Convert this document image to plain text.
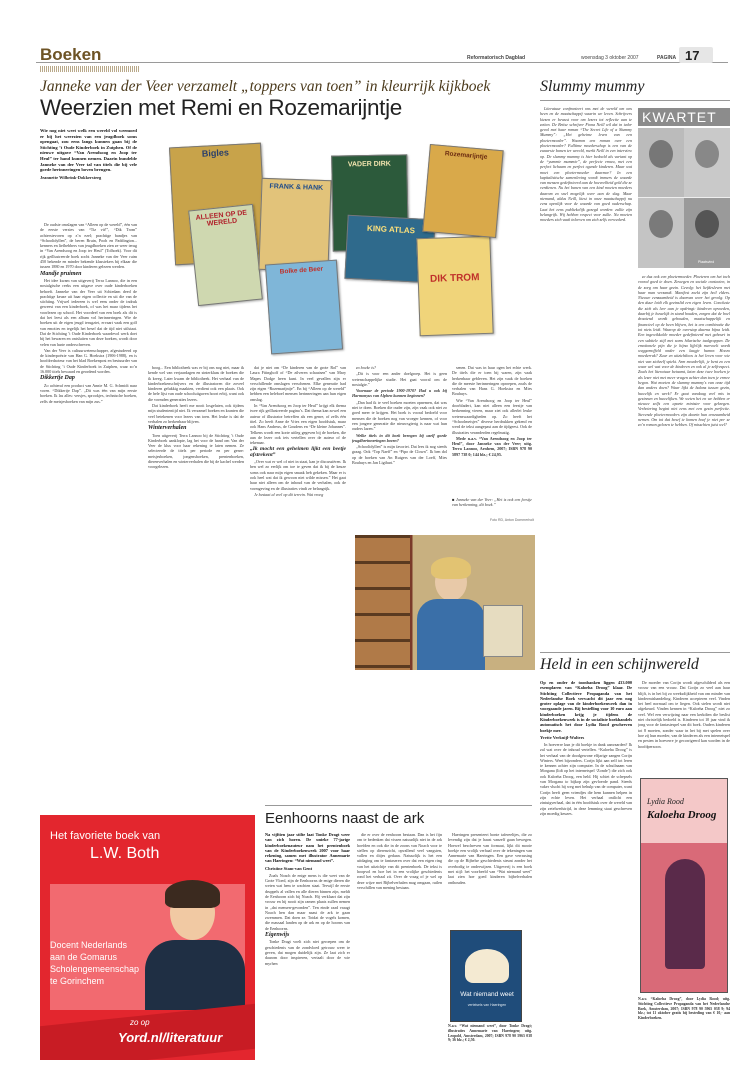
Boeken	Reformatorisch Dagblad	woensdag 3 oktober 2007	PAGINA 17
Janneke van der Veer verzamelt „toppers van toen” in kleurrijk kijkboek
Weerzien met Remi en Rozemarijntje
Wie nog niet weet welk een wereld vol weemoed er bij het weerzien van een jeugdboek soms opengaat, zou eens langs kunnen gaan bij de Stichting ’t Oude Kinderboek in Zutphen. Of de nieuwe uitgave “Van Arendsoog en Joop ter Heul” ter hand kunnen nemen. Daarin bundelde Janneke van der Veer tal van titels die bij vele goede herinneringen boven brengen.
Jeannette Wilbrink-Dokkersteeg
Bigles
ALLEEN OP DE WERELD
FRANK & HANK
VADER DIRK
KING ATLAS
Bolke de Beer
DIK TROM
Rozemarijntje

De oudste omslagen van “Alleen op de wereld”, één van de eerste versies van “Tiz vit!”, “Dik Trom” achterstevoren op z’n ezel; prachtige bandjes van “Schoolidyllen”, de beren Bruin, Pooh en Paddington... kenners en liefhebbers van jeugdboeken zien ze weer terug in “Van Arendsoog en Joop ter Heul” (Tolhoek). Voor dit rijk geïllustreerde boek zocht Janneke van der Veer ruim 450 bekende en minder bekende klassiekers bij elkaar die tussen 1880 en 1970 door kinderen gelezen werden.

Mandje pruimen

Het idee kwam van uitgeverij Terra Lannoo, die in een nostalgische reeks een uitgave over oude kinderboeken behoeft. Janneke van der Veer uit Schiedam deed de prachtige keuze uit haar eigen collectie en uit die van de stichting. Vrijwel iedereen is wel eens onder de indruk geweest van een kinderboek, of was het maar tijdens het voorlezen op school. Het voordeel van een boek als dit is dat het leest als een album vol herinneringen. Wie de boeken uit de eigen jeugd terugziet, ervaart vaak een golf van emoties en tegelijk het besef dat de tijd niet stilstaat. Dat de Stichting ’t Oude Kinderboek waardevol werk doet bij het bewaren en ontsluiten van deze boeken, wordt door velen van harte onderschreven.

Van der Veer is cultuurwetenschapper, afgestudeerd op de kinderpoëzie van Han G. Hoekstra (1906-1988), en is hoofdredacteur van het blad Boekenpost en bestuurder van de Stichting ’t Oude Kinderboek in Zutphen, waar zo’n 16.000 titels bewaard en geordend worden.

Dikkertje Dap

Zo achteraf een product van Annie M. G. Schmidt naar voren. “Dikkertje Dap”. „Dit was één van mijn eerste boeken. Ik las alles: versjes, sprookjes, technische boeken, zelfs de meisjesboeken van mijn zus.”

boog... Een bibliotheek was er bij ons nog niet, maar ik kende wel van verjaardagen en sinterklaas de boeken die ik kreeg. Later kwam de bibliotheek. Het verhaal van de kinderboekenschrijvers en de illustratoren die zoveel kinderen gelukkig maakten, verdient ook een plaats. Ook de hele lijst van oude schooluitgaven hoort erbij, want ook die vormden generaties lezers.

Dat kinderboek heeft me nooit losgelaten, ook tijdens mijn studententijd niet. Ik verzamel boeken en kranten die veel betekenen voor lezers van toen. Het leuke is dat de verhalen zo herkenbaar blijven.

Winterverhalen

Toen uitgeverij Terra Lannoo bij de Stichting ’t Oude Kinderboek aanklopte, lag het voor de hand om Van der Veer de klus voor haar rekening te laten nemen. Ze selecteerde de titels per periode en per genre: meisjesboeken, jongensboeken, prentenboeken, dierenverhalen en winterverhalen die bij de kachel werden voorgelezen.

dat je niet om “De kinderen van de grote Rol” van Laura Fitinghoff of “De zilveren schaatsen” van Mary Mapes Dodge heen kunt. In veel gevallen zijn er verschillende omslagen verschenen. Elke generatie had zijn eigen “Rozemarijntje”. En bij “Alleen op de wereld” hebben een heleboel mensen herinneringen aan hun eigen omslag.

In “Van Arendsoog en Joop ter Heul” krijgt elk thema twee rijk geïllustreerde pagina’s. Dat thema kan zowel een auteur of illustrator betreffen als een genre, of zelfs één titel. Zo heeft Anne de Vries een eigen hoofdstuk, maar ook Hans Andreus, de Goudens en “De kleine Johannes”. Telkens wordt een korte uitleg gegeven bij de boeken, die aan de lezer ook iets vertellen over de auteur of de tekenaar.

„Ik mocht een geheimen lijkt een beetje afstrekent”

„Over wat er wel of niet in staat, kan je discussiëren. Ik ben wel zo eerlijk om toe te geven dat ik bij de keuze soms ook naar mijn eigen smaak heb gekeken. Maar er is ook heel wat dat ik gewoon niet wilde missen.” Het gaat haar niet alleen om de inhoud van de verhalen, ook de vormgeving en de illustraties vindt ze belangrijk.

Je bestaat al veel op dit terrein. Wat vroeg

zo boeke is?

„Dit is voor een ander doelgroep. Het is geen wetenschappelijke studie. Het gaat vooral om de nostalgie.”

Voornaar de periode 1900-1970? Had u ook bij Harmonyus van Alphen kunnen beginnen?

„Dan had ik te veel boeken moeten opnemen, dat was niet te doen. Boeken die ouder zijn, zijn vaak ook niet zo goed meer te krijgen. Het boek is vooral bedoeld voor mensen die de boeken nog van vroeger kennen, of voor een jongere generatie die nieuwsgierig is naar wat hun ouders lazen.”

Welke titels in dit boek brengen bij uzelf goede jeugdherinneringen boven?

„Schoolidyllen” is mijn favoriet. Dat lees ik nog steeds graag. Ook “Top Naeff” en “Pipo de Clown”. Ik ben dol op de boeken van An Rutgers van der Loeff, Mies Bouhuys en Jan Ligthart.”

senen. Dat was in haar ogen het echte werk. De titels die er toen bij waren, zijn vaak herkenbaar gebleven. Het zijn vaak de boeken die de meeste herinneringen oproepen, zoals de verhalen van Hans G. Hoekstra en Mies Bouhuys.

Wie “Van Arendsoog en Joop ter Heul” doorbladert, kan niet alleen een feestje van herkenning vieren, maar ziet ook allerlei leuke wetenswaardigheden op. Zo heeft het “Schoolmeisjes” diverse herdrukken gekend en werd de tekst aangepast aan de tijdgeest. Ook de illustraties veranderden regelmatig.

Mede n.a.v. “Van Arendsoog en Joop ter Heul”, door Janneke van der Veer; uitg. Terra Lannoo, Arnhem, 2007; ISBN 978 90 5897 738 0; 144 blz.; € 24,95.

■ Janneke van der Veer: „Het is ook een feestje van herkenning, dit boek.”
Foto RD, Anton Dommerholt
Het favoriete boek van
L.W. Both
Docent Nederlands
aan de Gomarus
Scholengemeenschap
te Gorinchem
zo op
Yord.nl/literatuur
Eenhoorns naast de ark
Na vijftien jaar stilte laat Tonke Dragt weer van zich horen. De unieke 77-jarige kinderboekenauteur nam het prentenboek van de Kinderboekenweek 2007 voor haar rekening, samen met illustrator Annemarie van Haeringen: “Wat niemand weet”.
Christine Stam-van Gent

Zoals Noach de enige mens is die weet van de Grote Vloed, zijn de Eenhoorns de enige dieren die weten wat hem te wachten staat. Terwijl de eerste druppels al vallen en alle dieren binnen zijn, meldt de Eenhoorn zich bij Noach. Hij verklaart dat zijn vrouw en hij nooit zijn ramen plaats zullen nemen in „dat mensen-gevonden”. Ten einde raad vraagt Noach hen dan maar naast de ark te gaan zwemmen. Dat doen ze. Totdat de vogels komen, die massaal landen op de ark en op de hoorns van de Eenhoorns.

Eigenwijs

Tonke Dragt voelt zich niet geroepen om de geschiedenis van de zondvloed getrouw weer te geven, dat mogen duidelijk zijn. Ze laat zich er daarom door inspireren, vertaalt door de wie myrhen

die er over de eenhoorn bestaan. Dan is het fijn om te bedenken dat vissen natuurlijk niet in de ark hoefden en ook die in de zoons van Noach voor te stellen op dierenzicht, opvallend veel vangsten, vallen en ditjes gedaan. Natuurlijk is het een uitdaging om te fantaseren over dat een eigen ring van het uitzichtje van dit prentenboek. De tekst is hoopvol en hoe het in een vrolijke geschiedenis rond het verhaal zit. Over de vraag of je wel op deze wijze met Bijbelverhalen mag omgaan, ruilen verschillen van mening bestaan.

Haeringen presenteert bonte tafereeltjes, die zo levendig zijn dat je haast vanzelf gaan bewegen. Hoewel beschreven van formaat, lijkt dit mooie boekje een vrolijk verhaal over de tekeningen van Annemarie van Haeringen. Een gave verrassing die op de Bijbelse geschiedenis steunt zonder het overbodig te onderwijzen. Uitgeverij is een boek met stijl: het voorbeeld van “Wat niemand weet” laat zien hoe goed kinderen bijbelverhalen onthouden.

Wat niemand weet
vertelsels van Haeringen
N.a.v. “Wat niemand weet”, door Tonke Dragt; illustraties Annemarie van Haeringen; uitg. Leopold, Amsterdam, 2007; ISBN 978 90 5965 038 9; 36 blz.; € 2,50.
Slummy mummy

Literatuur confronteert ons met de wereld om ons heen en de maatschappij waarin we leven. Schrijvers kiezen er bewust voor om lezers tot reflectie aan te zetten. De Britse schrijver Fiona Neill wil dat in ieder geval met haar roman “The Secret Life of a Slummy Mummy”: „Het geheime leven van een ploetermoeder”. Waarom een roman over een ploetermoeder? Fulltime moederschap is een van de zwaarste banen ter wereld, merkt Neill in een interview op. De slummy mummy is hier bedoeld als variant op de “yummie mummie”, de perfecte vrouw, met een perfect lichaam en perfect ogende kinderen. Maar wat moet een ploetermoeder daarmee? In een kapitalistische samenleving wordt immers de waarde van mensen gedefinieerd aan de hoeveelheid geld die ze verdienen. Nu het banen van een kind moeten moeders daarom zo snel mogelijk weer aan de slag. Maar niemand, aldus Neill, kiest in onze maatschappij nu eens openlijk voor de waarde van goed ouderschap. Laat het eens publiekelijk gezegd worden: zullie zijn belangrijk. Wij hebben respect voor zulke. Nu moeten moeders zich vaak inleeven om zich zelfs verwederd.

KWARTET
Plaatsvind

ze dus ook een ploetermoeder. Ploeteren om het toch vooral goed te doen. Zowegen en sociale contacten, in de zorg om haar gezin. Gevolg: het liefdesleven met haar man verzandt. Manifest zoekt zijn heil elders. Nieuwe eenzaamheid is daarvan weer het gevolg. Op den duur leidt elk gezinslid een eigen leven. Conclusie die zich als leer aan je opdringt: kinderen opvoeden, daarbij je huwelijk in stand houden, zorgen dat de boel draaiend wordt gehouden, maatschappelijk en financieel op de been blijven, het is een combinatie die tot niets leidt. Waarop de overstap daarna bijna leidt. Een ingewikkelde moeder gedefinieerd met gebeurt in een subtiele stijl met soms hilarische taalgrappen. De emotionele pijn die je bijna lijfelijk meevoelt wordt weggemoffeld onder een laagje humor. Hoezo moederrak? Zuur en uitzichtloos is het leven voor wie niet van zichzelf spiekt. Arm moederlijk, je bent zo een waar wel wat voor de kinderen en ook al je zelfrespect. Zoals het literatuur betaamt, laten deze twee boeken je als lezer niet met meer vragen achter dan toen je ermee begon. Wat moeten de slummy mummy's van onze tijd dan anders doen? Waar lijkt de balans tussen gezin, huwelijk en werk? Er gaat vandaag veel mis in gezinnen en huwelijken. We weten het en we hebben er nieuwe zelfs een aparte minister voor gekregen. Verbetering begint niet eens met een gezin perfectie. Stevende ploetermoeders zijn daarin hun eenzaamheid nemen. Om tot dat besef te komen hoef je niet per se zo’n roman gelezen te hebben. Of misschien juist wel?

Held in een schijnwereld
Op en onder de toonbanken liggen 433.000 exemplaren van “Kaloeha Droog” klaar. De Stichting Collectieve Propaganda van het Nederlandse Boek verwacht dit jaar een nog groter oplage van de kinderboekenweek dan in voorgaande jaren. Bij bestelling voor 10 euro aan kinderboeken krijg je tijdens de Kinderboekenweek is in de socialiste boekhandels automatisch het door Lydia Rood geschreven boekje mee.
Yvette Verkuijl-Walters

In hoeverre kun je dit boekje in dank aanvaarden? Ik zal wat over de inhoud vertellen. “Kaloeha Droog” is het verhaal van de doodgewone elfjarige zangen Corijn Winters. Weet bijzonders. Corijn lijkt aan zelf tot leren te kennen achter zijn computer. In de schuilnaam van Morgana (lidt op het internetspel ‘Zonde’) die zich ook ook Kaloeha Droog, een held. Hij schiet de schepsels van Morgana to bijkop zijn gevloerde pand. Steeds vaker vlucht hij weg met behulp van de computer, want Corijn heeft geen vriendjes die hem kunnen helpen in zijn echte leven. Het verhaal ontlicht een zintuigverhaal, dat in één hoofdstuk over de wereld van zijn zetelwedstrijd, in deze lemming staat geschreven zijn moedig keuzes.

De moeder van Corijn wordt afgeschilderd als een vrouw van een vrouw. Dat Corijn zo veel aan haar blijft, is in het bij zo weeksdijkheid van om minder van kindermishandeling. Kinderen accepteren veel. Vinden het heel normaal om te liegen. Ook stelen wordt niet afgekeurd. Vinden kennen in “Kaloeha Droog” niet zo veel. Wel een verwijzing naar een kerkdien die beslist niet christelijk bedoeld is. Kinderen tot 10 jaar vind ik jong voor de fantasiespel van dit boek. Ouders kinderen tot 8 moeten, zonder waar in het bij met spelen over hoe zij hun moeder, van de kinderen als een internetspel en pesten in hoeverre je gecorrigeerd kan worden in de hoofdpersoon.

Lydia Rood
Kaloeha Droog
N.a.v. “Kaloeha Droog”, door Lydia Rood; uitg. Stichting Collectieve Propaganda van het Nederlandse Boek, Amsterdam, 2007; ISBN 978 90 5965 038 9; 94 blz.; tot 11 oktober gratis bij besteding van € 10,- aan Kinderboeken.
